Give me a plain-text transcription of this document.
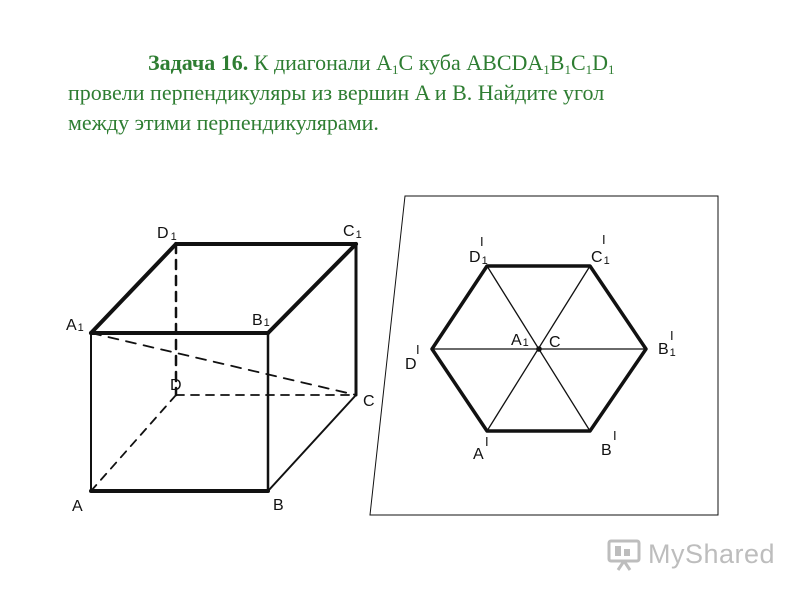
Задача 16. К диагонали $A_1C$ куба $ABCDA_1B_1C_1D_1$
провели перпендикуляры из вершин A и B. Найдите угол
между этими перпендикулярами.
D 1	C1
A1	B1
D
C
A	B
D1
I
C1
I
D
I	B1
I
A1 C
A
I
B
I
MyShared
